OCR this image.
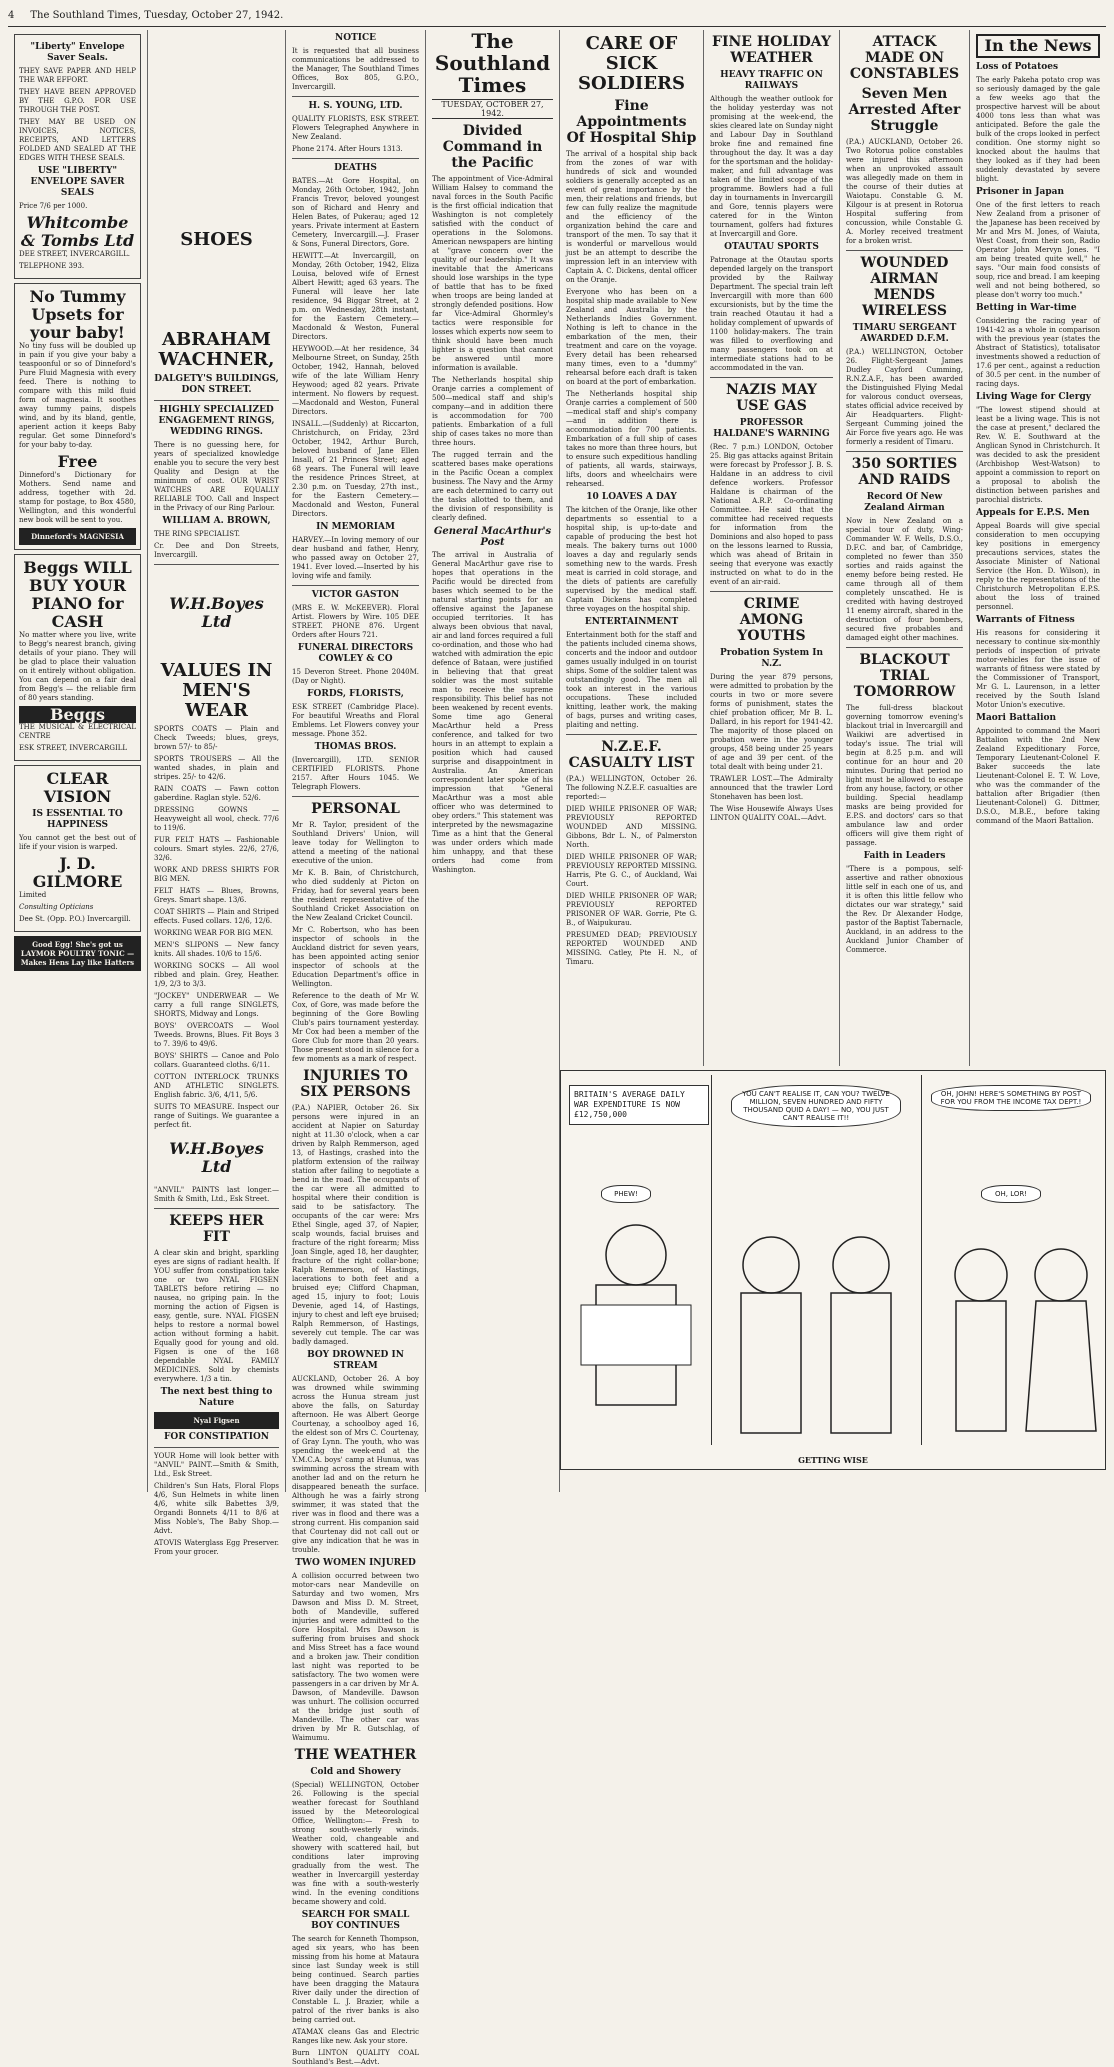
4 The Southland Times, Tuesday, October 27, 1942.
"Liberty" Envelope Saver Seals.
THEY SAVE PAPER AND HELP THE WAR EFFORT.
THEY HAVE BEEN APPROVED BY THE G.P.O. FOR USE THROUGH THE POST.
THEY MAY BE USED ON INVOICES, NOTICES, RECEIPTS, AND LETTERS FOLDED AND SEALED AT THE EDGES WITH THESE SEALS.
USE "LIBERTY" ENVELOPE SAVER SEALS
Price 7/6 per 1000.
Whitcombe & Tombs Ltd
DEE STREET, INVERCARGILL.
TELEPHONE 393.
No Tummy Upsets for your baby!
No tiny fuss will be doubled up in pain if you give your baby a teaspoonful or so of Dinneford's Pure Fluid Magnesia with every feed. There is nothing to compare with this mild fluid form of magnesia. It soothes away tummy pains, dispels wind, and by its bland, gentle, aperient action it keeps Baby regular. Get some Dinneford's for your baby to-day.
Free
Dinneford's Dictionary for Mothers. Send name and address, together with 2d. stamp for postage, to Box 4580, Wellington, and this wonderful new book will be sent to you.
Dinneford's MAGNESIA
Beggs WILL BUY YOUR PIANO for CASH
No matter where you live, write to Begg's nearest branch, giving details of your piano. They will be glad to place their valuation on it entirely without obligation. You can depend on a fair deal from Begg's — the reliable firm of 80 years standing.
Beggs
THE MUSICAL & ELECTRICAL CENTRE
ESK STREET, INVERCARGILL
CLEAR VISION
IS ESSENTIAL TO HAPPINESS
You cannot get the best out of life if your vision is warped.
J. D. GILMORE
Limited
Consulting Opticians
Dee St. (Opp. P.O.) Invercargill.
Good Egg! She's got us LAYMOR POULTRY TONIC — Makes Hens Lay like Hatters
SHOES
ABRAHAM WACHNER,
DALGETY'S BUILDINGS, DON STREET.
HIGHLY SPECIALIZED ENGAGEMENT RINGS, WEDDING RINGS.
There is no guessing here, for years of specialized knowledge enable you to secure the very best Quality and Design at the minimum of cost. OUR WRIST WATCHES ARE EQUALLY RELIABLE TOO. Call and Inspect in the Privacy of our Ring Parlour.
WILLIAM A. BROWN,
THE RING SPECIALIST.
Cr. Dee and Don Streets, Invercargill.
W.H.Boyes Ltd
VALUES IN MEN'S WEAR
SPORTS COATS — Plain and Check Tweeds; blues, greys, brown 57/- to 85/-
SPORTS TROUSERS — All the wanted shades, in plain and stripes. 25/- to 42/6.
RAIN COATS — Fawn cotton gaberdine. Raglan style. 52/6.
DRESSING GOWNS — Heavyweight all wool, check. 77/6 to 119/6.
FUR FELT HATS — Fashionable colours. Smart styles. 22/6, 27/6, 32/6.
WORK AND DRESS SHIRTS FOR BIG MEN.
FELT HATS — Blues, Browns, Greys. Smart shape. 13/6.
COAT SHIRTS — Plain and Striped effects. Fused collars. 12/6, 12/6.
WORKING WEAR FOR BIG MEN.
MEN'S SLIPONS — New fancy knits. All shades. 10/6 to 15/6.
WORKING SOCKS — All wool ribbed and plain. Grey, Heather. 1/9, 2/3 to 3/3.
"JOCKEY" UNDERWEAR — We carry a full range SINGLETS, SHORTS, Midway and Longs.
BOYS' OVERCOATS — Wool Tweeds. Browns, Blues. Fit Boys 3 to 7. 39/6 to 49/6.
BOYS' SHIRTS — Canoe and Polo collars. Guaranteed cloths. 6/11.
COTTON INTERLOCK TRUNKS AND ATHLETIC SINGLETS. English fabric. 3/6, 4/11, 5/6.
SUITS TO MEASURE. Inspect our range of Suitings. We guarantee a perfect fit.
W.H.Boyes Ltd
"ANVIL" PAINTS last longer.—Smith & Smith, Ltd., Esk Street.
KEEPS HER FIT
A clear skin and bright, sparkling eyes are signs of radiant health. If YOU suffer from constipation take one or two NYAL FIGSEN TABLETS before retiring — no nausea, no griping pain. In the morning the action of Figsen is easy, gentle, sure. NYAL FIGSEN helps to restore a normal bowel action without forming a habit. Equally good for young and old. Figsen is one of the 168 dependable NYAL FAMILY MEDICINES. Sold by chemists everywhere. 1/3 a tin.
The next best thing to Nature
Nyal Figsen
FOR CONSTIPATION
YOUR Home will look better with "ANVIL" PAINT.—Smith & Smith, Ltd., Esk Street.
Children's Sun Hats, Floral Flops 4/6, Sun Helmets in white linen 4/6, white silk Babettes 3/9, Organdi Bonnets 4/11 to 8/6 at Miss Noble's, The Baby Shop.—Advt.
ATOVIS Waterglass Egg Preserver. From your grocer.
NOTICE
It is requested that all business communications be addressed to the Manager, The Southland Times Offices, Box 805, G.P.O., Invercargill.
H. S. YOUNG, LTD.
QUALITY FLORISTS, ESK STREET. Flowers Telegraphed Anywhere in New Zealand.
Phone 2174. After Hours 1313.
DEATHS
BATES.—At Gore Hospital, on Monday, 26th October, 1942, John Francis Trevor, beloved youngest son of Richard and Henry and Helen Bates, of Pukerau; aged 12 years. Private interment at Eastern Cemetery, Invercargill.—J. Fraser & Sons, Funeral Directors, Gore.
HEWITT.—At Invercargill, on Monday, 26th October, 1942, Eliza Louisa, beloved wife of Ernest Albert Hewitt; aged 63 years. The Funeral will leave her late residence, 94 Biggar Street, at 2 p.m. on Wednesday, 28th instant, for the Eastern Cemetery.—Macdonald & Weston, Funeral Directors.
HEYWOOD.—At her residence, 34 Melbourne Street, on Sunday, 25th October, 1942, Hannah, beloved wife of the late William Henry Heywood; aged 82 years. Private interment. No flowers by request.—Macdonald and Weston, Funeral Directors.
INSALL.—(Suddenly) at Riccarton, Christchurch, on Friday, 23rd October, 1942, Arthur Burch, beloved husband of Jane Ellen Insall, of 21 Princes Street; aged 68 years. The Funeral will leave the residence Princes Street, at 2.30 p.m. on Tuesday, 27th inst., for the Eastern Cemetery.—Macdonald and Weston, Funeral Directors.
IN MEMORIAM
HARVEY.—In loving memory of our dear husband and father, Henry, who passed away on October 27, 1941. Ever loved.—Inserted by his loving wife and family.
VICTOR GASTON
(MRS E. W. McKEEVER). Floral Artist. Flowers by Wire. 105 DEE STREET. PHONE 876. Urgent Orders after Hours 721.
FUNERAL DIRECTORS COWLEY & CO
15 Deveron Street. Phone 2040M. (Day or Night).
FORDS, FLORISTS,
ESK STREET (Cambridge Place). For beautiful Wreaths and Floral Emblems. Let Flowers convey your message. Phone 352.
THOMAS BROS.
(Invercargill), LTD. SENIOR CERTIFIED FLORISTS. Phone 2157. After Hours 1045. We Telegraph Flowers.
PERSONAL
Mr R. Taylor, president of the Southland Drivers' Union, will leave today for Wellington to attend a meeting of the national executive of the union.
Mr K. B. Bain, of Christchurch, who died suddenly at Picton on Friday, had for several years been the resident representative of the Southland Cricket Association on the New Zealand Cricket Council.
Mr C. Robertson, who has been inspector of schools in the Auckland district for seven years, has been appointed acting senior inspector of schools at the Education Department's office in Wellington.
Reference to the death of Mr W. Cox, of Gore, was made before the beginning of the Gore Bowling Club's pairs tournament yesterday. Mr Cox had been a member of the Gore Club for more than 20 years. Those present stood in silence for a few moments as a mark of respect.
INJURIES TO SIX PERSONS
(P.A.) NAPIER, October 26. Six persons were injured in an accident at Napier on Saturday night at 11.30 o'clock, when a car driven by Ralph Remmerson, aged 13, of Hastings, crashed into the platform extension of the railway station after failing to negotiate a bend in the road. The occupants of the car were all admitted to hospital where their condition is said to be satisfactory. The occupants of the car were: Mrs Ethel Single, aged 37, of Napier, scalp wounds, facial bruises and fracture of the right forearm; Miss Joan Single, aged 18, her daughter, fracture of the right collar-bone; Ralph Remmerson, of Hastings, lacerations to both feet and a bruised eye; Clifford Chapman, aged 15, injury to foot; Louis Devenie, aged 14, of Hastings, injury to chest and left eye bruised; Ralph Remmerson, of Hastings, severely cut temple. The car was badly damaged.
BOY DROWNED IN STREAM
AUCKLAND, October 26. A boy was drowned while swimming across the Hunua stream just above the falls, on Saturday afternoon. He was Albert George Courtenay, a schoolboy aged 16, the eldest son of Mrs C. Courtenay, of Gray Lynn. The youth, who was spending the week-end at the Y.M.C.A. boys' camp at Hunua, was swimming across the stream with another lad and on the return he disappeared beneath the surface. Although he was a fairly strong swimmer, it was stated that the river was in flood and there was a strong current. His companion said that Courtenay did not call out or give any indication that he was in trouble.
TWO WOMEN INJURED
A collision occurred between two motor-cars near Mandeville on Saturday and two women, Mrs Dawson and Miss D. M. Street, both of Mandeville, suffered injuries and were admitted to the Gore Hospital. Mrs Dawson is suffering from bruises and shock and Miss Street has a face wound and a broken jaw. Their condition last night was reported to be satisfactory. The two women were passengers in a car driven by Mr A. Dawson, of Mandeville. Dawson was unhurt. The collision occurred at the bridge just south of Mandeville. The other car was driven by Mr R. Gutschlag, of Waimumu.
THE WEATHER
Cold and Showery
(Special) WELLINGTON, October 26. Following is the special weather forecast for Southland issued by the Meteorological Office, Wellington:— Fresh to strong south-westerly winds. Weather cold, changeable and showery with scattered hail, but conditions later improving gradually from the west. The weather in Invercargill yesterday was fine with a south-westerly wind. In the evening conditions became showery and cold.
SEARCH FOR SMALL BOY CONTINUES
The search for Kenneth Thompson, aged six years, who has been missing from his home at Mataura since last Sunday week is still being continued. Search parties have been dragging the Mataura River daily under the direction of Constable L. J. Brazier, while a patrol of the river banks is also being carried out.
ATAMAX cleans Gas and Electric Ranges like new. Ask your store.
Burn LINTON QUALITY COAL Southland's Best.—Advt.
The Southland Times
TUESDAY, OCTOBER 27, 1942.
Divided Command in the Pacific
The appointment of Vice-Admiral William Halsey to command the naval forces in the South Pacific is the first official indication that Washington is not completely satisfied with the conduct of operations in the Solomons. American newspapers are hinting at "grave concern over the quality of our leadership." It was inevitable that the Americans should lose warships in the type of battle that has to be fixed when troops are being landed at strongly defended positions. How far Vice-Admiral Ghormley's tactics were responsible for losses which experts now seem to think should have been much lighter is a question that cannot be answered until more information is available.
The Netherlands hospital ship Oranje carries a complement of 500—medical staff and ship's company—and in addition there is accommodation for 700 patients. Embarkation of a full ship of cases takes no more than three hours.
The rugged terrain and the scattered bases make operations in the Pacific Ocean a complex business. The Navy and the Army are each determined to carry out the tasks allotted to them, and the division of responsibility is clearly defined.
General MacArthur's Post
The arrival in Australia of General MacArthur gave rise to hopes that operations in the Pacific would be directed from bases which seemed to be the natural starting points for an offensive against the Japanese occupied territories. It has always been obvious that naval, air and land forces required a full co-ordination, and those who had watched with admiration the epic defence of Bataan, were justified in believing that that great soldier was the most suitable man to receive the supreme responsibility. This belief has not been weakened by recent events. Some time ago General MacArthur held a Press conference, and talked for two hours in an attempt to explain a position which had caused surprise and disappointment in Australia. An American correspondent later spoke of his impression that "General MacArthur was a most able officer who was determined to obey orders." This statement was interpreted by the newsmagazine Time as a hint that the General was under orders which made him unhappy, and that these orders had come from Washington.
CARE OF SICK SOLDIERS
Fine Appointments Of Hospital Ship
The arrival of a hospital ship back from the zones of war with hundreds of sick and wounded soldiers is generally accepted as an event of great importance by the men, their relations and friends, but few can fully realize the magnitude and the efficiency of the organization behind the care and transport of the men. To say that it is wonderful or marvellous would just be an attempt to describe the impression left in an interview with Captain A. C. Dickens, dental officer on the Oranje.
Everyone who has been on a hospital ship made available to New Zealand and Australia by the Netherlands Indies Government. Nothing is left to chance in the embarkation of the men, their treatment and care on the voyage. Every detail has been rehearsed many times, even to a "dummy" rehearsal before each draft is taken on board at the port of embarkation.
The Netherlands hospital ship Oranje carries a complement of 500—medical staff and ship's company—and in addition there is accommodation for 700 patients. Embarkation of a full ship of cases takes no more than three hours, but to ensure such expeditious handling of patients, all wards, stairways, lifts, doors and wheelchairs were rehearsed.
10 LOAVES A DAY
The kitchen of the Oranje, like other departments so essential to a hospital ship, is up-to-date and capable of producing the best hot meals. The bakery turns out 1000 loaves a day and regularly sends something new to the wards. Fresh meat is carried in cold storage, and the diets of patients are carefully supervised by the medical staff. Captain Dickens has completed three voyages on the hospital ship.
ENTERTAINMENT
Entertainment both for the staff and the patients included cinema shows, concerts and the indoor and outdoor games usually indulged in on tourist ships. Some of the soldier talent was outstandingly good. The men all took an interest in the various occupations. These included knitting, leather work, the making of bags, purses and writing cases, plaiting and netting.
N.Z.E.F. CASUALTY LIST
(P.A.) WELLINGTON, October 26. The following N.Z.E.F. casualties are reported:—
DIED WHILE PRISONER OF WAR; PREVIOUSLY REPORTED WOUNDED AND MISSING. Gibbons, Bdr L. N., of Palmerston North.
DIED WHILE PRISONER OF WAR; PREVIOUSLY REPORTED MISSING. Harris, Pte G. C., of Auckland, Wai Court.
DIED WHILE PRISONER OF WAR; PREVIOUSLY REPORTED PRISONER OF WAR. Gorrie, Pte G. B., of Waipukurau.
PRESUMED DEAD; PREVIOUSLY REPORTED WOUNDED AND MISSING. Catley, Pte H. N., of Timaru.
FINE HOLIDAY WEATHER
HEAVY TRAFFIC ON RAILWAYS
Although the weather outlook for the holiday yesterday was not promising at the week-end, the skies cleared late on Sunday night and Labour Day in Southland broke fine and remained fine throughout the day. It was a day for the sportsman and the holiday-maker, and full advantage was taken of the limited scope of the programme. Bowlers had a full day in tournaments in Invercargill and Gore, tennis players were catered for in the Winton tournament, golfers had fixtures at Invercargill and Gore.
OTAUTAU SPORTS
Patronage at the Otautau sports depended largely on the transport provided by the Railway Department. The special train left Invercargill with more than 600 excursionists, but by the time the train reached Otautau it had a holiday complement of upwards of 1100 holiday-makers. The train was filled to overflowing and many passengers took on at intermediate stations had to be accommodated in the van.
NAZIS MAY USE GAS
PROFESSOR HALDANE'S WARNING
(Rec. 7 p.m.) LONDON, October 25. Big gas attacks against Britain were forecast by Professor J. B. S. Haldane in an address to civil defence workers. Professor Haldane is chairman of the National A.R.P. Co-ordinating Committee. He said that the committee had received requests for information from the Dominions and also hoped to pass on the lessons learned to Russia, which was ahead of Britain in seeing that everyone was exactly instructed on what to do in the event of an air-raid.
CRIME AMONG YOUTHS
Probation System In N.Z.
During the year 879 persons, were admitted to probation by the courts in two or more severe forms of punishment, states the chief probation officer, Mr B. L. Dallard, in his report for 1941-42. The majority of those placed on probation were in the younger groups, 458 being under 25 years of age and 39 per cent. of the total dealt with being under 21.
TRAWLER LOST.—The Admiralty announced that the trawler Lord Stonehaven has been lost.
The Wise Housewife Always Uses LINTON QUALITY COAL.—Advt.
ATTACK MADE ON CONSTABLES
Seven Men Arrested After Struggle
(P.A.) AUCKLAND, October 26. Two Rotorua police constables were injured this afternoon when an unprovoked assault was allegedly made on them in the course of their duties at Waiotapu. Constable G. M. Kilgour is at present in Rotorua Hospital suffering from concussion, while Constable G. A. Morley received treatment for a broken wrist.
WOUNDED AIRMAN MENDS WIRELESS
TIMARU SERGEANT AWARDED D.F.M.
(P.A.) WELLINGTON, October 26. Flight-Sergeant James Dudley Cayford Cumming, R.N.Z.A.F., has been awarded the Distinguished Flying Medal for valorous conduct overseas, states official advice received by Air Headquarters. Flight-Sergeant Cumming joined the Air Force five years ago. He was formerly a resident of Timaru.
350 SORTIES AND RAIDS
Record Of New Zealand Airman
Now in New Zealand on a special tour of duty, Wing-Commander W. F. Wells, D.S.O., D.F.C. and bar, of Cambridge, completed no fewer than 350 sorties and raids against the enemy before being rested. He came through all of them completely unscathed. He is credited with having destroyed 11 enemy aircraft, shared in the destruction of four bombers, secured five probables and damaged eight other machines.
BLACKOUT TRIAL TOMORROW
The full-dress blackout governing tomorrow evening's blackout trial in Invercargill and Waikiwi are advertised in today's issue. The trial will begin at 8.25 p.m. and will continue for an hour and 20 minutes. During that period no light must be allowed to escape from any house, factory, or other building. Special headlamp masks are being provided for E.P.S. and doctors' cars so that ambulance law and order officers will give them right of passage.
Faith in Leaders
"There is a pompous, self-assertive and rather obnoxious little self in each one of us, and it is often this little fellow who dictates our war strategy," said the Rev. Dr Alexander Hodge, pastor of the Baptist Tabernacle, Auckland, in an address to the Auckland Junior Chamber of Commerce.
In the News
Loss of Potatoes
The early Pakeha potato crop was so seriously damaged by the gale a few weeks ago that the prospective harvest will be about 4000 tons less than what was anticipated. Before the gale the bulk of the crops looked in perfect condition. One stormy night so knocked about the haulms that they looked as if they had been suddenly devastated by severe blight.
Prisoner in Japan
One of the first letters to reach New Zealand from a prisoner of the Japanese has been received by Mr and Mrs M. Jones, of Waiuta, West Coast, from their son, Radio Operator John Mervyn Jones. "I am being treated quite well," he says. "Our main food consists of soup, rice and bread. I am keeping well and not being bothered, so please don't worry too much."
Betting in War-time
Considering the racing year of 1941-42 as a whole in comparison with the previous year (states the Abstract of Statistics), totalisator investments showed a reduction of 17.6 per cent., against a reduction of 30.5 per cent. in the number of racing days.
Living Wage for Clergy
"The lowest stipend should at least be a living wage. This is not the case at present," declared the Rev. W. E. Southward at the Anglican Synod in Christchurch. It was decided to ask the president (Archbishop West-Watson) to appoint a commission to report on a proposal to abolish the distinction between parishes and parochial districts.
Appeals for E.P.S. Men
Appeal Boards will give special consideration to men occupying key positions in emergency precautions services, states the Associate Minister of National Service (the Hon. D. Wilson), in reply to the representations of the Christchurch Metropolitan E.P.S. about the loss of trained personnel.
Warrants of Fitness
His reasons for considering it necessary to continue six-monthly periods of inspection of private motor-vehicles for the issue of warrants of fitness were stated by the Commissioner of Transport, Mr G. L. Laurenson, in a letter received by the South Island Motor Union's executive.
Maori Battalion
Appointed to command the Maori Battalion with the 2nd New Zealand Expeditionary Force, Temporary Lieutenant-Colonel F. Baker succeeds the late Lieutenant-Colonel E. T. W. Love, who was the commander of the battalion after Brigadier (then Lieutenant-Colonel) G. Dittmer, D.S.O., M.B.E., before taking command of the Maori Battalion.
BRITAIN'S AVERAGE DAILY WAR EXPENDITURE IS NOW £12,750,000
PHEW!
YOU CAN'T REALISE IT, CAN YOU? TWELVE MILLION, SEVEN HUNDRED AND FIFTY THOUSAND QUID A DAY! — NO, YOU JUST CAN'T REALISE IT!!
OH, JOHN! HERE'S SOMETHING BY POST FOR YOU FROM THE INCOME TAX DEPT.!
OH, LOR!
GETTING WISE
